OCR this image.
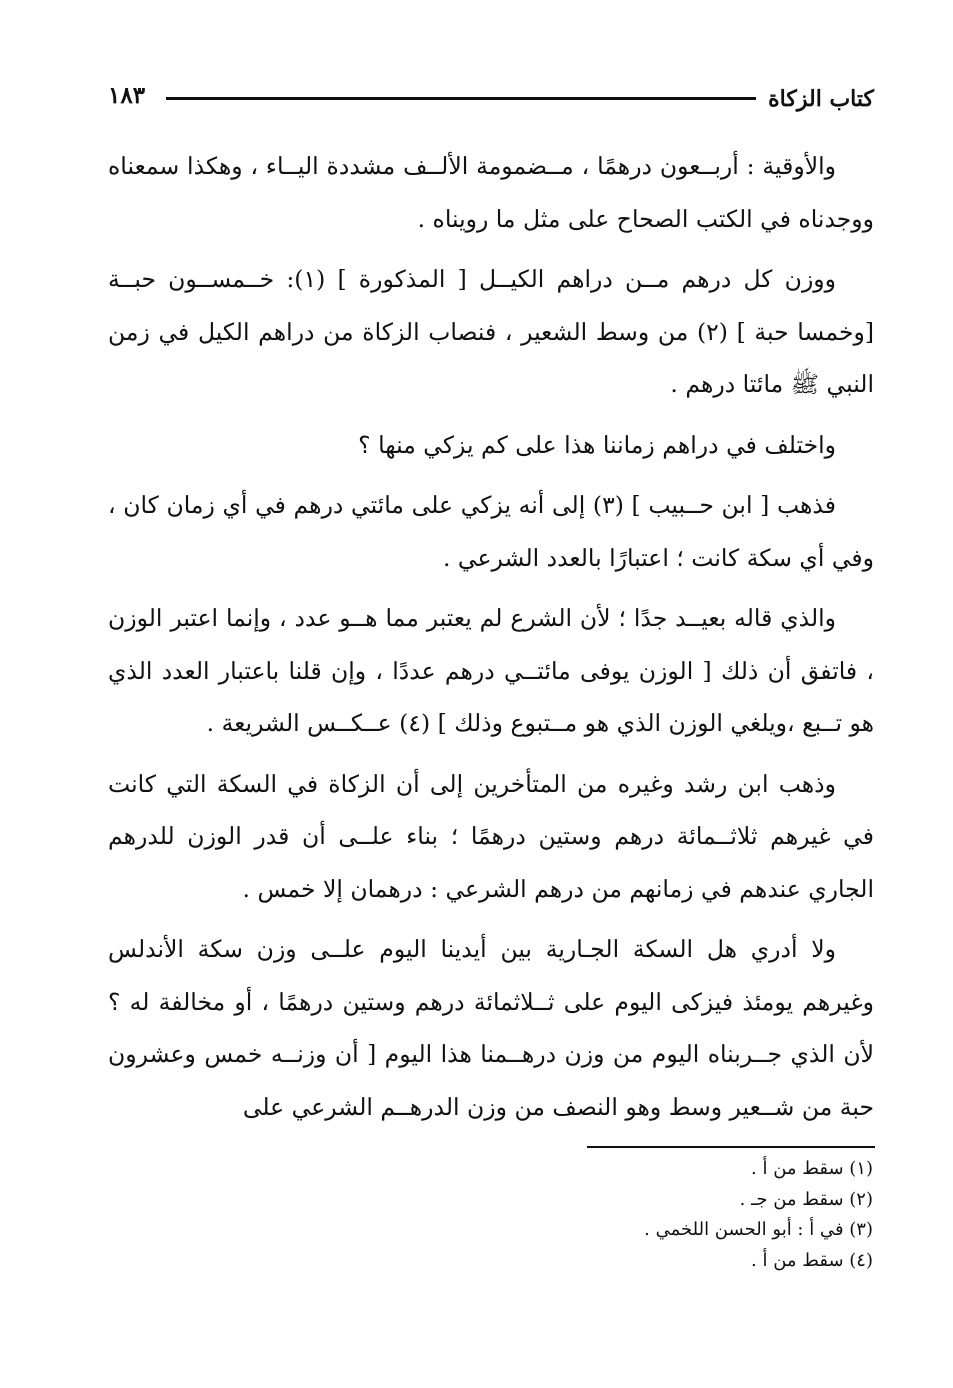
كتاب الزكاة
١٨٣

والأوقية : أربــعون درهمًا ، مــضمومة الألــف مشددة اليــاء ، وهكذا سمعناه ووجدناه في الكتب الصحاح على مثل ما رويناه .

ووزن كل درهم مــن دراهم الكيــل [ المذكورة ] (١): خــمســون حبــة [وخمسا حبة ] (٢) من وسط الشعير ، فنصاب الزكاة من دراهم الكيل في زمن النبي ﷺ مائتا درهم .

واختلف في دراهم زماننا هذا على كم يزكي منها ؟

فذهب [ ابن حــبيب ] (٣) إلى أنه يزكي على مائتي درهم في أي زمان كان ، وفي أي سكة كانت ؛ اعتبارًا بالعدد الشرعي .

والذي قاله بعيــد جدًا ؛ لأن الشرع لم يعتبر مما هــو عدد ، وإنما اعتبر الوزن ، فاتفق أن ذلك [ الوزن يوفى مائتــي درهم عددًا ، وإن قلنا باعتبار العدد الذي هو تــبع ،ويلغي الوزن الذي هو مــتبوع وذلك ] (٤) عــكــس الشريعة .

وذهب ابن رشد وغيره من المتأخرين إلى أن الزكاة في السكة التي كانت في غيرهم ثلاثــمائة درهم وستين درهمًا ؛ بناء علــى أن قدر الوزن للدرهم الجاري عندهم في زمانهم من درهم الشرعي : درهمان إلا خمس .

ولا أدري هل السكة الجـارية بين أيدينا اليوم علــى وزن سكة الأندلس وغيرهم يومئذ فيزكى اليوم على ثــلاثمائة درهم وستين درهمًا ، أو مخالفة له ؟ لأن الذي جــربناه اليوم من وزن درهــمنا هذا اليوم [ أن وزنــه خمس وعشرون حبة من شــعير وسط وهو النصف من وزن الدرهــم الشرعي على

(١) سقط من أ .

(٢) سقط من جـ .

(٣) في أ : أبو الحسن اللخمي .

(٤) سقط من أ .
